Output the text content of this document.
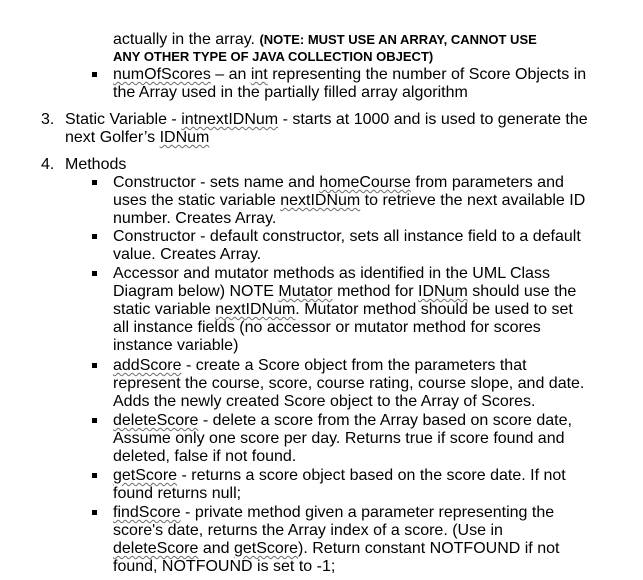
actually in the array. (NOTE: MUST USE AN ARRAY, CANNOT USE
ANY OTHER TYPE OF JAVA COLLECTION OBJECT)
numOfScores – an int representing the number of Score Objects in
the Array used in the partially filled array algorithm
3. Static Variable - intnextIDNum - starts at 1000 and is used to generate the
next Golfer’s IDNum
4. Methods
Constructor - sets name and homeCourse from parameters and
uses the static variable nextIDNum to retrieve the next available ID
number. Creates Array.
Constructor - default constructor, sets all instance field to a default
value. Creates Array.
Accessor and mutator methods as identified in the UML Class
Diagram below) NOTE Mutator method for IDNum should use the
static variable nextIDNum. Mutator method should be used to set
all instance fields (no accessor or mutator method for scores
instance variable)
addScore - create a Score object from the parameters that
represent the course, score, course rating, course slope, and date.
Adds the newly created Score object to the Array of Scores.
deleteScore - delete a score from the Array based on score date,
Assume only one score per day. Returns true if score found and
deleted, false if not found.
getScore - returns a score object based on the score date. If not
found returns null;
findScore - private method given a parameter representing the
score's date, returns the Array index of a score. (Use in
deleteScore and getScore). Return constant NOTFOUND if not
found, NOTFOUND is set to -1;
